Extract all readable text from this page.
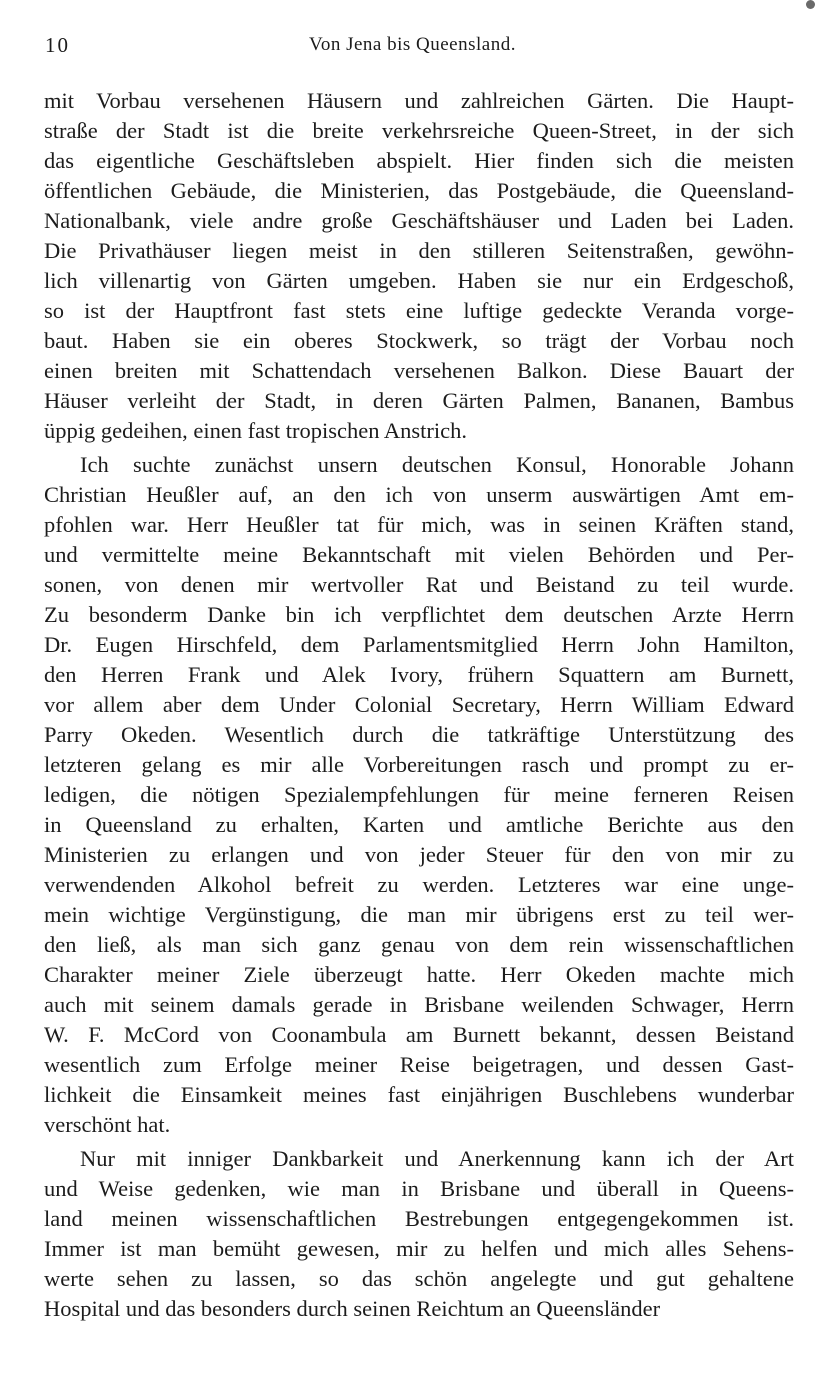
10	Von Jena bis Queensland.
mit Vorbau versehenen Häusern und zahlreichen Gärten. Die Haupt-
straße der Stadt ist die breite verkehrsreiche Queen-Street, in der sich
das eigentliche Geschäftsleben abspielt. Hier finden sich die meisten
öffentlichen Gebäude, die Ministerien, das Postgebäude, die Queensland-
Nationalbank, viele andre große Geschäftshäuser und Laden bei Laden.
Die Privathäuser liegen meist in den stilleren Seitenstraßen, gewöhn-
lich villenartig von Gärten umgeben. Haben sie nur ein Erdgeschoß,
so ist der Hauptfront fast stets eine luftige gedeckte Veranda vorge-
baut. Haben sie ein oberes Stockwerk, so trägt der Vorbau noch
einen breiten mit Schattendach versehenen Balkon. Diese Bauart der
Häuser verleiht der Stadt, in deren Gärten Palmen, Bananen, Bambus
üppig gedeihen, einen fast tropischen Anstrich.
Ich suchte zunächst unsern deutschen Konsul, Honorable Johann
Christian Heußler auf, an den ich von unserm auswärtigen Amt em-
pfohlen war. Herr Heußler tat für mich, was in seinen Kräften stand,
und vermittelte meine Bekanntschaft mit vielen Behörden und Per-
sonen, von denen mir wertvoller Rat und Beistand zu teil wurde.
Zu besonderm Danke bin ich verpflichtet dem deutschen Arzte Herrn
Dr. Eugen Hirschfeld, dem Parlamentsmitglied Herrn John Hamilton,
den Herren Frank und Alek Ivory, frühern Squattern am Burnett,
vor allem aber dem Under Colonial Secretary, Herrn William Edward
Parry Okeden. Wesentlich durch die tatkräftige Unterstützung des
letzteren gelang es mir alle Vorbereitungen rasch und prompt zu er-
ledigen, die nötigen Spezialempfehlungen für meine ferneren Reisen
in Queensland zu erhalten, Karten und amtliche Berichte aus den
Ministerien zu erlangen und von jeder Steuer für den von mir zu
verwendenden Alkohol befreit zu werden. Letzteres war eine unge-
mein wichtige Vergünstigung, die man mir übrigens erst zu teil wer-
den ließ, als man sich ganz genau von dem rein wissenschaftlichen
Charakter meiner Ziele überzeugt hatte. Herr Okeden machte mich
auch mit seinem damals gerade in Brisbane weilenden Schwager, Herrn
W. F. McCord von Coonambula am Burnett bekannt, dessen Beistand
wesentlich zum Erfolge meiner Reise beigetragen, und dessen Gast-
lichkeit die Einsamkeit meines fast einjährigen Buschlebens wunderbar
verschönt hat.
Nur mit inniger Dankbarkeit und Anerkennung kann ich der Art
und Weise gedenken, wie man in Brisbane und überall in Queens-
land meinen wissenschaftlichen Bestrebungen entgegengekommen ist.
Immer ist man bemüht gewesen, mir zu helfen und mich alles Sehens-
werte sehen zu lassen, so das schön angelegte und gut gehaltene
Hospital und das besonders durch seinen Reichtum an Queensländer
